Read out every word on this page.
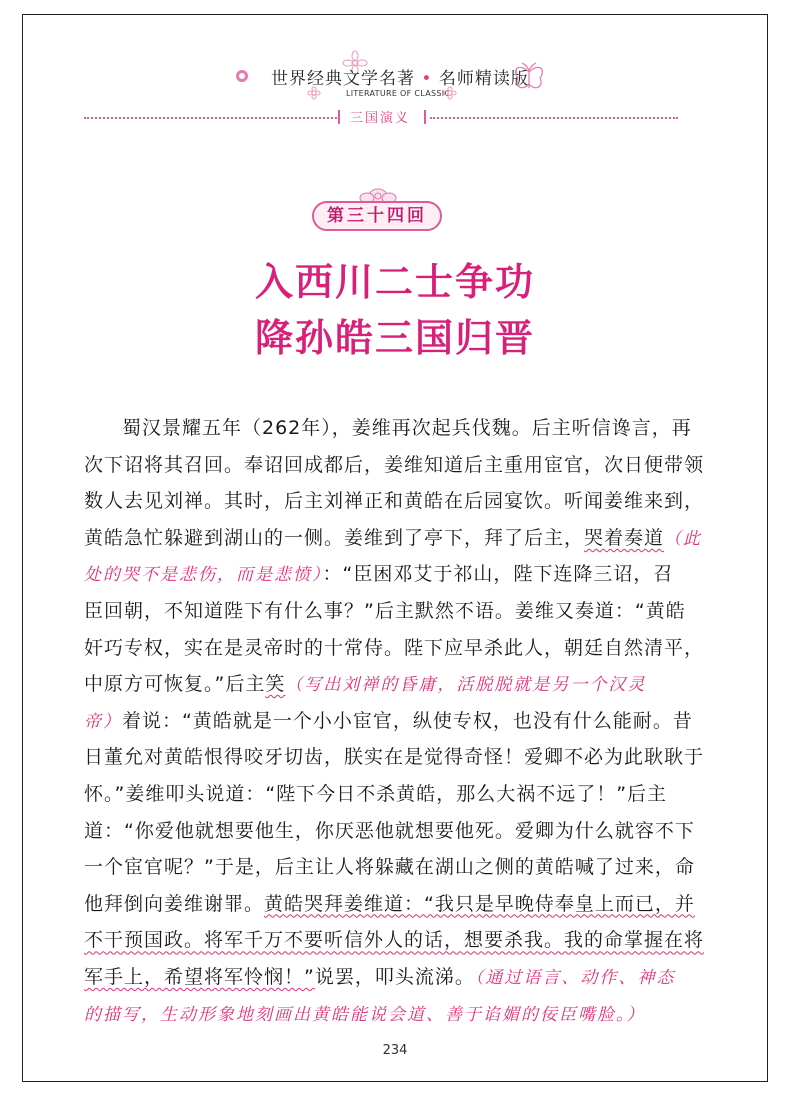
世界经典文学名著 • 名师精读版
LITERATURE OF CLASSIC
三国演义
第三十四回
入西川二士争功
降孙皓三国归晋
蜀汉景耀五年（262年），姜维再次起兵伐魏。后主听信谗言，再
次下诏将其召回。奉诏回成都后，姜维知道后主重用宦官，次日便带领
数人去见刘禅。其时，后主刘禅正和黄皓在后园宴饮。听闻姜维来到，
黄皓急忙躲避到湖山的一侧。姜维到了亭下，拜了后主，哭着奏道（此
处的哭不是悲伤，而是悲愤）：“臣困邓艾于祁山，陛下连降三诏，召
臣回朝，不知道陛下有什么事？”后主默然不语。姜维又奏道：“黄皓
奸巧专权，实在是灵帝时的十常侍。陛下应早杀此人，朝廷自然清平，
中原方可恢复。”后主笑（写出刘禅的昏庸，活脱脱就是另一个汉灵
帝）着说：“黄皓就是一个小小宦官，纵使专权，也没有什么能耐。昔
日董允对黄皓恨得咬牙切齿，朕实在是觉得奇怪！爱卿不必为此耿耿于
怀。”姜维叩头说道：“陛下今日不杀黄皓，那么大祸不远了！”后主
道：“你爱他就想要他生，你厌恶他就想要他死。爱卿为什么就容不下
一个宦官呢？”于是，后主让人将躲藏在湖山之侧的黄皓喊了过来，命
他拜倒向姜维谢罪。黄皓哭拜姜维道：“我只是早晚侍奉皇上而已，并
不干预国政。将军千万不要听信外人的话，想要杀我。我的命掌握在将
军手上，希望将军怜悯！”说罢，叩头流涕。（通过语言、动作、神态
的描写，生动形象地刻画出黄皓能说会道、善于谄媚的佞臣嘴脸。）
234
